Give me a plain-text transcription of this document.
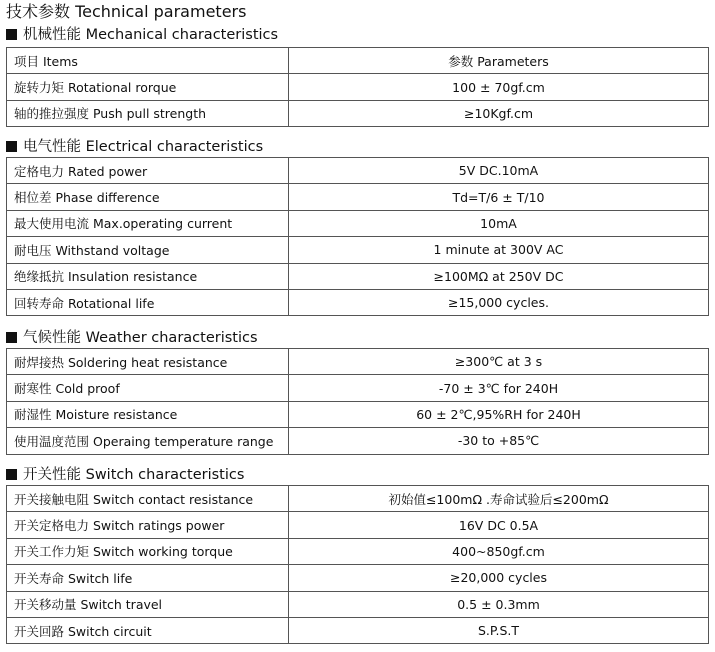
技术参数 Technical parameters
机械性能 Mechanical characteristics
项目 Items	参数 Parameters
旋转力矩 Rotational rorque	100 ± 70gf.cm
轴的推拉强度 Push pull strength	≥10Kgf.cm
电气性能 Electrical characteristics
定格电力 Rated power	5V DC.10mA
相位差 Phase difference	Td=T/6 ± T/10
最大使用电流 Max.operating current	10mA
耐电压 Withstand voltage	1 minute at 300V AC
绝缘抵抗 Insulation resistance	≥100MΩ at 250V DC
回转寿命 Rotational life	≥15,000 cycles.
气候性能 Weather characteristics
耐焊接热 Soldering heat resistance	≥300℃ at 3 s
耐寒性 Cold proof	-70 ± 3℃ for 240H
耐湿性 Moisture resistance	60 ± 2℃,95%RH for 240H
使用温度范围 Operaing temperature range	-30 to +85℃
开关性能 Switch characteristics
开关接触电阻 Switch contact resistance	初始值≤100mΩ .寿命试验后≤200mΩ
开关定格电力 Switch ratings power	16V DC 0.5A
开关工作力矩 Switch working torque	400~850gf.cm
开关寿命 Switch life	≥20,000 cycles
开关移动量 Switch travel	0.5 ± 0.3mm
开关回路 Switch circuit	S.P.S.T
